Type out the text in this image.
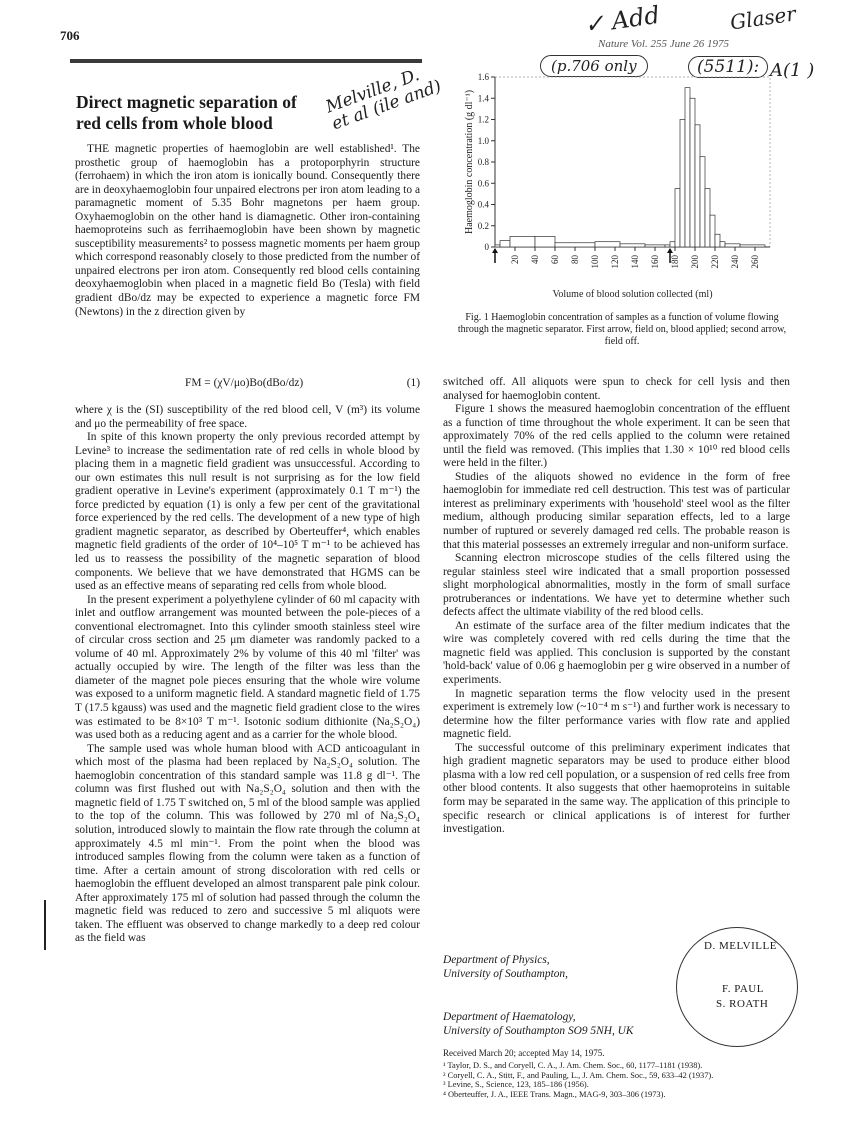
706
Nature Vol. 255 June 26 1975
Melville, D. et al (ile and)
✓ Add	Glaser
(p.706 only	(5511): A(1 )
Direct magnetic separation of red cells from whole blood

THE magnetic properties of haemoglobin are well established¹. The prosthetic group of haemoglobin has a protoporphyrin structure (ferrohaem) in which the iron atom is ionically bound. Consequently there are in deoxyhaemoglobin four unpaired electrons per iron atom leading to a paramagnetic moment of 5.35 Bohr magnetons per haem group. Oxyhaemoglobin on the other hand is diamagnetic. Other iron-containing haemoproteins such as ferrihaemoglobin have been shown by magnetic susceptibility measurements² to possess magnetic moments per haem group which correspond reasonably closely to those predicted from the number of unpaired electrons per iron atom. Consequently red blood cells containing deoxyhaemoglobin when placed in a magnetic field Bo (Tesla) with field gradient dBo/dz may be expected to experience a magnetic force FM (Newtons) in the z direction given by

FM = (χV/μo)Bo(dBo/dz)	(1)

where χ is the (SI) susceptibility of the red blood cell, V (m³) its volume and μo the permeability of free space.

In spite of this known property the only previous recorded attempt by Levine³ to increase the sedimentation rate of red cells in whole blood by placing them in a magnetic field gradient was unsuccessful. According to our own estimates this null result is not surprising as for the low field gradient operative in Levine's experiment (approximately 0.1 T m⁻¹) the force predicted by equation (1) is only a few per cent of the gravitational force experienced by the red cells. The development of a new type of high gradient magnetic separator, as described by Oberteuffer⁴, which enables magnetic field gradients of the order of 10⁴–10⁵ T m⁻¹ to be achieved has led us to reassess the possibility of the magnetic separation of blood components. We believe that we have demonstrated that HGMS can be used as an effective means of separating red cells from whole blood.

In the present experiment a polyethylene cylinder of 60 ml capacity with inlet and outflow arrangement was mounted between the pole-pieces of a conventional electromagnet. Into this cylinder smooth stainless steel wire of circular cross section and 25 μm diameter was randomly packed to a volume of 40 ml. Approximately 2% by volume of this 40 ml 'filter' was actually occupied by wire. The length of the filter was less than the diameter of the magnet pole pieces ensuring that the whole wire volume was exposed to a uniform magnetic field. A standard magnetic field of 1.75 T (17.5 kgauss) was used and the magnetic field gradient close to the wires was estimated to be 8×10³ T m⁻¹. Isotonic sodium dithionite (Na₂S₂O₄) was used both as a reducing agent and as a carrier for the whole blood.

The sample used was whole human blood with ACD anticoagulant in which most of the plasma had been replaced by Na₂S₂O₄ solution. The haemoglobin concentration of this standard sample was 11.8 g dl⁻¹. The column was first flushed out with Na₂S₂O₄ solution and then with the magnetic field of 1.75 T switched on, 5 ml of the blood sample was applied to the top of the column. This was followed by 270 ml of Na₂S₂O₄ solution, introduced slowly to maintain the flow rate through the column at approximately 4.5 ml min⁻¹. From the point when the blood was introduced samples flowing from the column were taken as a function of time. After a certain amount of strong discoloration with red cells or haemoglobin the effluent developed an almost transparent pale pink colour. After approximately 175 ml of solution had passed through the column the magnetic field was reduced to zero and successive 5 ml aliquots were taken. The effluent was observed to change markedly to a deep red colour as the field was

0
0.2
0.4
0.6
0.8
1.0
1.2
1.4
1.6
20 40 60 80 100 120 140 160 180 200 220 240 260
Volume of blood solution collected (ml)
Haemoglobin concentration (g dl⁻¹)
Fig. 1 Haemoglobin concentration of samples as a function of volume flowing through the magnetic separator. First arrow, field on, blood applied; second arrow, field off.

switched off. All aliquots were spun to check for cell lysis and then analysed for haemoglobin content.

Figure 1 shows the measured haemoglobin concentration of the effluent as a function of time throughout the whole experiment. It can be seen that approximately 70% of the red cells applied to the column were retained until the field was removed. (This implies that 1.30 × 10¹⁰ red blood cells were held in the filter.)

Studies of the aliquots showed no evidence in the form of free haemoglobin for immediate red cell destruction. This test was of particular interest as preliminary experiments with 'household' steel wool as the filter medium, although producing similar separation effects, led to a large number of ruptured or severely damaged red cells. The probable reason is that this material possesses an extremely irregular and non-uniform surface.

Scanning electron microscope studies of the cells filtered using the regular stainless steel wire indicated that a small proportion possessed slight morphological abnormalities, mostly in the form of small surface protruberances or indentations. We have yet to determine whether such defects affect the ultimate viability of the red blood cells.

An estimate of the surface area of the filter medium indicates that the wire was completely covered with red cells during the time that the magnetic field was applied. This conclusion is supported by the constant 'hold-back' value of 0.06 g haemoglobin per g wire observed in a number of experiments.

In magnetic separation terms the flow velocity used in the present experiment is extremely low (~10⁻⁴ m s⁻¹) and further work is necessary to determine how the filter performance varies with flow rate and applied magnetic field.

The successful outcome of this preliminary experiment indicates that high gradient magnetic separators may be used to produce either blood plasma with a low red cell population, or a suspension of red cells free from other blood contents. It also suggests that other haemoproteins in suitable form may be separated in the same way. The application of this principle to specific research or clinical applications is of interest for further investigation.

Department of Physics,
University of Southampton,
Department of Haematology,
University of Southampton SO9 5NH, UK
D. MELVILLE
F. PAUL
S. ROATH
Received March 20; accepted May 14, 1975.
¹ Taylor, D. S., and Coryell, C. A., J. Am. Chem. Soc., 60, 1177–1181 (1938).
² Coryell, C. A., Stitt, F., and Pauling, L., J. Am. Chem. Soc., 59, 633–42 (1937).
³ Levine, S., Science, 123, 185–186 (1956).
⁴ Oberteuffer, J. A., IEEE Trans. Magn., MAG-9, 303–306 (1973).
